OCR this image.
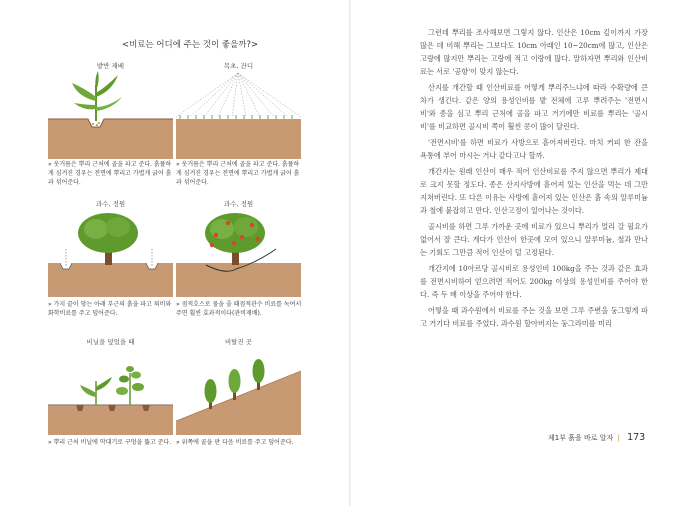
<비료는 어디에 주는 것이 좋을까?>
밭반 재배
» 웃거름은 뿌리 근처에 골을 파고 준다. 흙풀하게 심겨진 경우는 전면에 뿌리고 가볍게 긁어 흙과 섞어준다.
목초, 잔디
» 웃거름은 뿌리 근처에 골을 파고 준다. 흙풀하게 심겨진 경우는 전면에 뿌리고 가볍게 긁어 흙과 섞어준다.
과수, 정원
» 가지 끝이 닿는 아래 부근의 흙을 파고 퇴비와 화학비료를 주고 덮어준다.
과수, 정원
» 점적호스로 물을 줄 때점적관수 비료를 녹여서 주면 훨씬 효과적이다(관비재배).
비닐을 덮었을 때
» 뿌리 근처 비닐에 막대기로 구멍을 뚫고 준다.
비탈진 곳
» 위쪽에 골을 판 다음 비료를 주고 덮어준다.

그런데 뿌리를 조사해보면 그렇지 않다. 인산은 10cm 깊이까지 가장 많은 데 비해 뿌리는 그보다도 10cm 아래인 10~20cm에 많고, 인산은 고랑에 많지만 뿌리는 고랑에 적고 이랑에 많다. 말하자면 뿌리와 인산비료는 서로 '공항'이 맞지 않는다.

산지를 개간할 때 인산비료를 어떻게 뿌리주느냐에 따라 수확량에 큰 차가 생긴다. 같은 양의 용성인비를 밭 전체에 고루 뿌려주는 '전면시비'와 종을 심고 뿌리 근처에 골을 파고 거기에만 비료를 뿌리는 '골시비'를 비교하면 골시비 쪽이 훨씬 콩이 많이 달린다.

'전면시비'를 하면 비료가 사방으로 흩어져버린다. 마치 커피 한 잔을 욕통에 부어 마시는 거나 같다고나 할까.

개간지는 원래 인산이 매우 적어 인산비료를 주지 않으면 뿌리가 제대로 크지 못할 정도다. 종은 산지사방에 흩어져 있는 인산을 먹는 데 그만 지쳐버린다. 또 다른 이유는 사방에 흩어져 있는 인산은 흙 속의 알루미늄과 철에 붙잡히고 만다. 인산고정이 일어나는 것이다.

골시비를 하면 그루 가까운 곳에 비료가 있으니 뿌리가 멀리 갈 필요가 없어서 잘 큰다. 게다가 인산이 한곳에 모여 있으니 알루미늄, 철과 만나는 기회도 그만큼 적어 인산이 덜 고정된다.

개간지에 10아르당 골시비로 용성인비 100kg을 주는 것과 같은 효과를 전면시비하여 얻으려면 적어도 200kg 이상의 용성인비를 주어야 한다. 즉 두 배 이상을 주어야 한다.

어떻을 때 과수원에서 비료를 주는 것을 보면 그루 주변을 둥그렇게 파고 거기다 비료를 주었다. 과수원 할아버지는 둥그라미를 미리

제1부 흙을 바로 알자 | 173
